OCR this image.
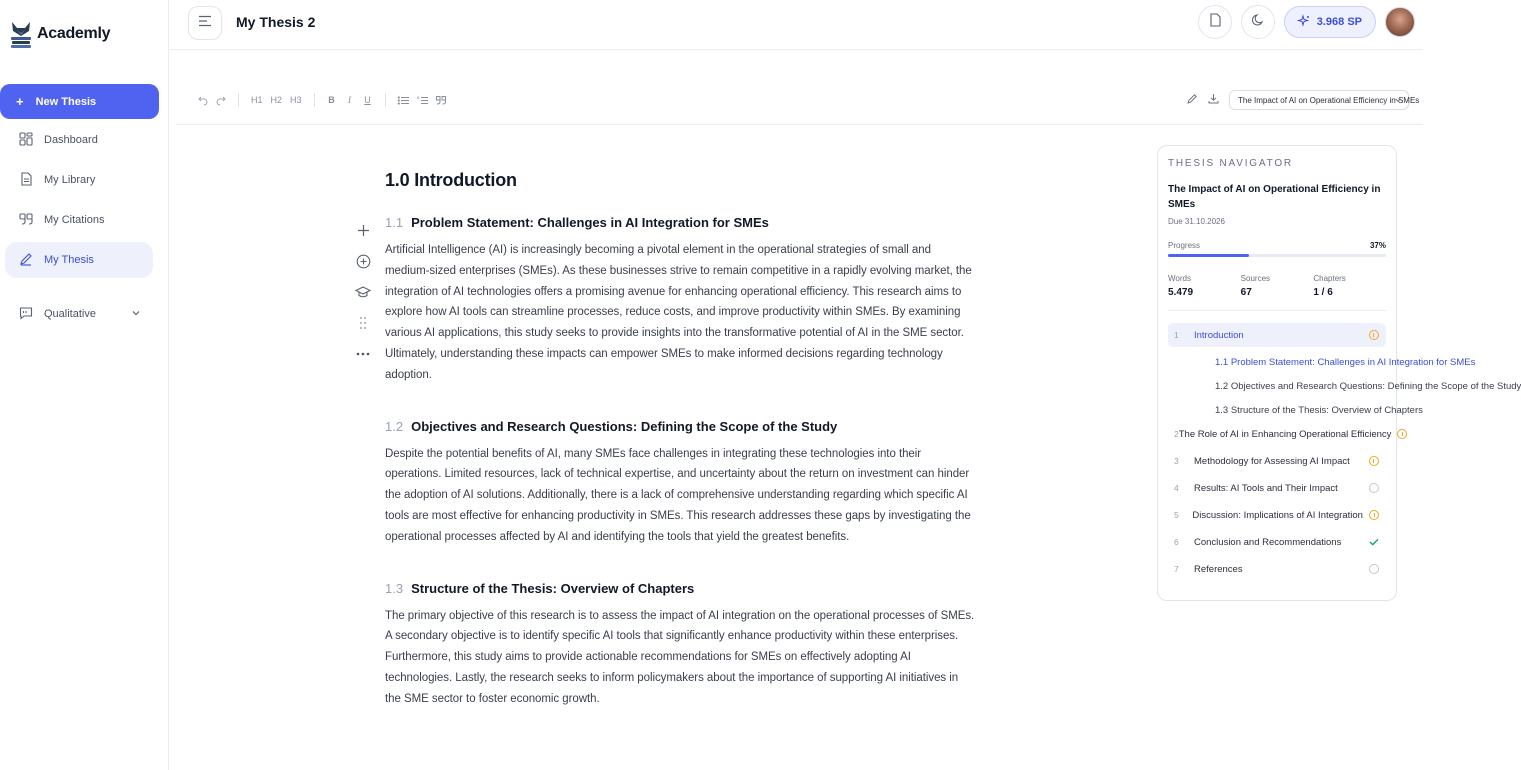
Academly
+ New Thesis
Dashboard
My Library
My Citations
My Thesis
Qualitative
My Thesis 2	3.968 SP
H1 H2 H3	B	I	U	The Impact of AI on Operational Efficiency in SMEs
1.0 Introduction
1.1 Problem Statement: Challenges in AI Integration for SMEs

Artificial Intelligence (AI) is increasingly becoming a pivotal element in the operational strategies of small and medium-sized enterprises (SMEs). As these businesses strive to remain competitive in a rapidly evolving market, the integration of AI technologies offers a promising avenue for enhancing operational efficiency. This research aims to explore how AI tools can streamline processes, reduce costs, and improve productivity within SMEs. By examining various AI applications, this study seeks to provide insights into the transformative potential of AI in the SME sector. Ultimately, understanding these impacts can empower SMEs to make informed decisions regarding technology adoption.

1.2 Objectives and Research Questions: Defining the Scope of the Study

Despite the potential benefits of AI, many SMEs face challenges in integrating these technologies into their operations. Limited resources, lack of technical expertise, and uncertainty about the return on investment can hinder the adoption of AI solutions. Additionally, there is a lack of comprehensive understanding regarding which specific AI tools are most effective for enhancing productivity in SMEs. This research addresses these gaps by investigating the operational processes affected by AI and identifying the tools that yield the greatest benefits.

1.3 Structure of the Thesis: Overview of Chapters

The primary objective of this research is to assess the impact of AI integration on the operational processes of SMEs. A secondary objective is to identify specific AI tools that significantly enhance productivity within these enterprises. Furthermore, this study aims to provide actionable recommendations for SMEs on effectively adopting AI technologies. Lastly, the research seeks to inform policymakers about the importance of supporting AI initiatives in the SME sector to foster economic growth.

THESIS NAVIGATOR
The Impact of AI on Operational Efficiency in SMEs
Due 31.10.2026
Progress	37%
Words
5.479
Sources
67
Chapters
1 / 6
1	Introduction
1.1 Problem Statement: Challenges in AI Integration for SMEs
1.2 Objectives and Research Questions: Defining the Scope of the Study
1.3 Structure of the Thesis: Overview of Chapters
2 The Role of AI in Enhancing Operational Efficiency
3	Methodology for Assessing AI Impact
4	Results: AI Tools and Their Impact
5	Discussion: Implications of AI Integration
6	Conclusion and Recommendations
7	References
